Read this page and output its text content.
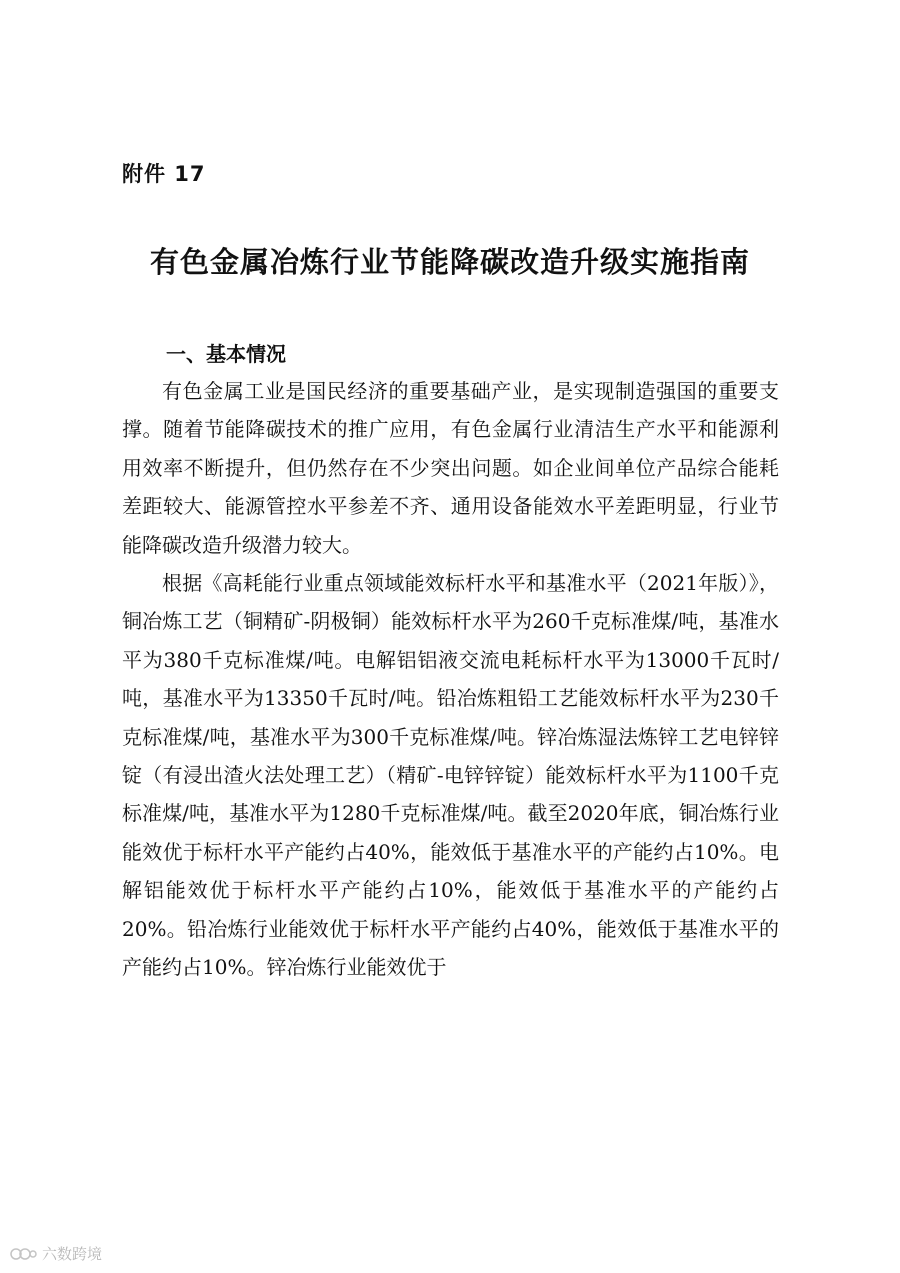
附件 17
有色金属冶炼行业节能降碳改造升级实施指南
一、基本情况

有色金属工业是国民经济的重要基础产业，是实现制造强国的重要支撑。随着节能降碳技术的推广应用，有色金属行业清洁生产水平和能源利用效率不断提升，但仍然存在不少突出问题。如企业间单位产品综合能耗差距较大、能源管控水平参差不齐、通用设备能效水平差距明显，行业节能降碳改造升级潜力较大。

根据《高耗能行业重点领域能效标杆水平和基准水平（2021年版）》，铜冶炼工艺（铜精矿-阴极铜）能效标杆水平为260千克标准煤/吨，基准水平为380千克标准煤/吨。电解铝铝液交流电耗标杆水平为13000千瓦时/吨，基准水平为13350千瓦时/吨。铅冶炼粗铅工艺能效标杆水平为230千克标准煤/吨，基准水平为300千克标准煤/吨。锌冶炼湿法炼锌工艺电锌锌锭（有浸出渣火法处理工艺）（精矿-电锌锌锭）能效标杆水平为1100千克标准煤/吨，基准水平为1280千克标准煤/吨。截至2020年底，铜冶炼行业能效优于标杆水平产能约占40%，能效低于基准水平的产能约占10%。电解铝能效优于标杆水平产能约占10%，能效低于基准水平的产能约占20%。铅冶炼行业能效优于标杆水平产能约占40%，能效低于基准水平的产能约占10%。锌冶炼行业能效优于

六数跨境
